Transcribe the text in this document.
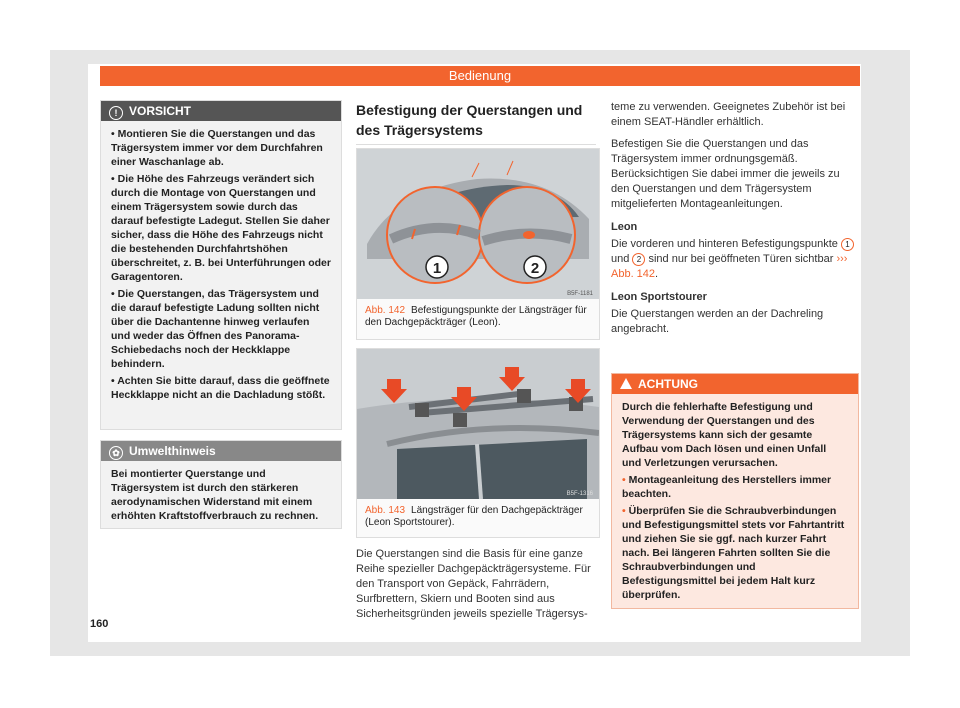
Bedienung
! VORSICHT

• Montieren Sie die Querstangen und das Trägersystem immer vor dem Durchfahren einer Waschanlage ab.

• Die Höhe des Fahrzeugs verändert sich durch die Montage von Querstangen und einem Trägersystem sowie durch das darauf befestigte Ladegut. Stellen Sie daher sicher, dass die Höhe des Fahrzeugs nicht die bestehenden Durchfahrtshöhen überschreitet, z. B. bei Unterführungen oder Garagentoren.

• Die Querstangen, das Trägersystem und die darauf befestigte Ladung sollten nicht über die Dachantenne hinweg verlaufen und weder das Öffnen des Panorama-Schiebedachs noch der Heckklappe behindern.

• Achten Sie bitte darauf, dass die geöffnete Heckklappe nicht an die Dachladung stößt.

✿ Umwelthinweis
Bei montierter Querstange und Trägersystem ist durch den stärkeren aerodynamischen Widerstand mit einem erhöhten Kraftstoffverbrauch zu rechnen.
Befestigung der Querstangen und des Trägersystems
1	2
B5F-1181
Abb. 142 Befestigungspunkte der Längsträger für den Dachgepäckträger (Leon).
B5F-1316
Abb. 143 Längsträger für den Dachgepäckträger (Leon Sportstourer).

Die Querstangen sind die Basis für eine ganze Reihe spezieller Dachgepäckträgersysteme. Für den Transport von Gepäck, Fahrrädern, Surfbrettern, Skiern und Booten sind aus Sicherheitsgründen jeweils spezielle Trägersys-

teme zu verwenden. Geeignetes Zubehör ist bei einem SEAT-Händler erhältlich.

Befestigen Sie die Querstangen und das Trägersystem immer ordnungsgemäß. Berücksichtigen Sie dabei immer die jeweils zu den Querstangen und dem Trägersystem mitgelieferten Montageanleitungen.

Leon

Die vorderen und hinteren Befestigungspunkte 1 und 2 sind nur bei geöffneten Türen sichtbar ››› Abb. 142.

Leon Sportstourer

Die Querstangen werden an der Dachreling angebracht.

ACHTUNG

Durch die fehlerhafte Befestigung und Verwendung der Querstangen und des Trägersystems kann sich der gesamte Aufbau vom Dach lösen und einen Unfall und Verletzungen verursachen.

• Montageanleitung des Herstellers immer beachten.

• Überprüfen Sie die Schraubverbindungen und Befestigungsmittel stets vor Fahrtantritt und ziehen Sie sie ggf. nach kurzer Fahrt nach. Bei längeren Fahrten sollten Sie die Schraubverbindungen und Befestigungsmittel bei jedem Halt kurz überprüfen.

160
